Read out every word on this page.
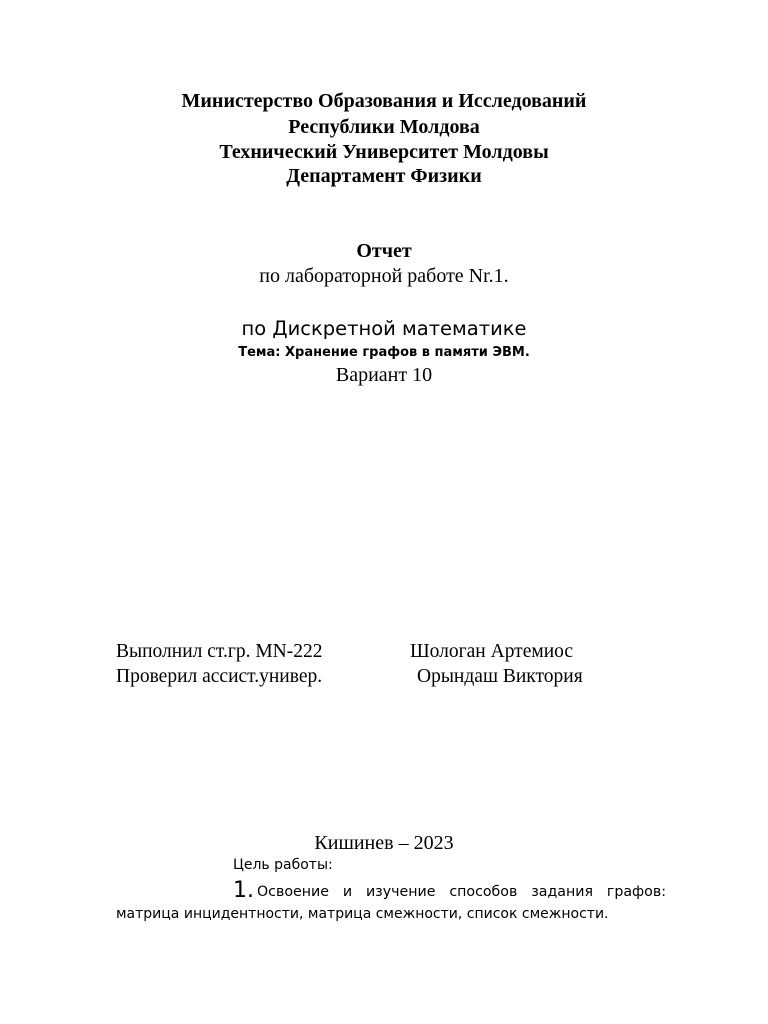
Министерство Образования и Исследований
Республики Молдова
Технический Университет Молдовы
Департамент Физики
Отчет
по лабораторной работе Nr.1.
по Дискретной математике
Тема: Хранение графов в памяти ЭВМ.
Вариант 10
Выполнил ст.гр. MN-222	Шологан Артемиос
Проверил ассист.универ.	Орындаш Виктория
Кишинев – 2023
Цель работы:
1. Освоение и изучение способов задания графов:
матрица инцидентности, матрица смежности, список смежности.
